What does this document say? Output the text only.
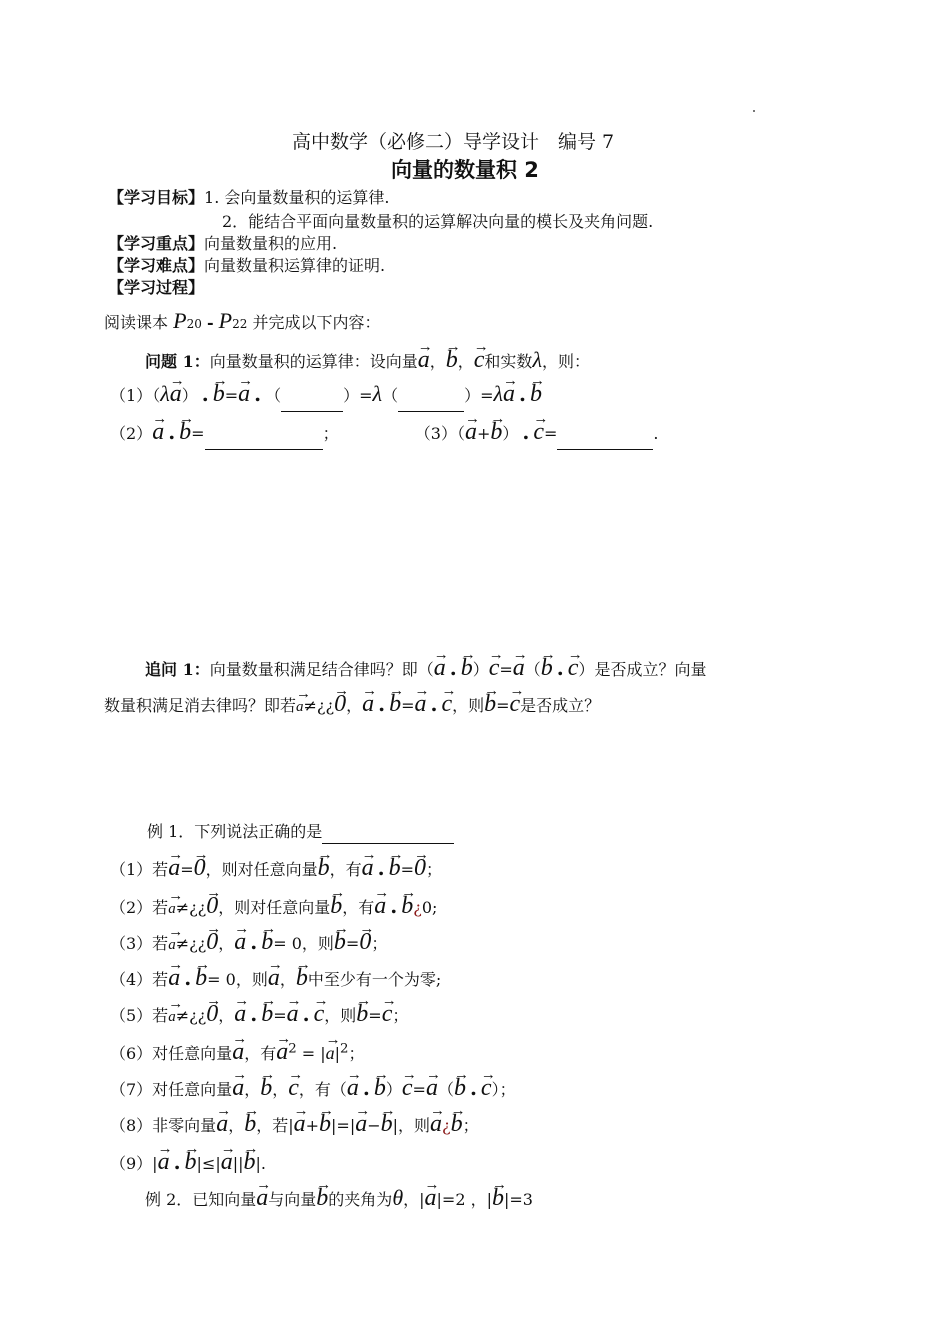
高中数学（必修二）导学设计　编号 7
向量的数量积 2
【学习目标】1. 会向量数量积的运算律.
2．能结合平面向量数量积的运算解决向量的模长及夹角问题.
【学习重点】向量数量积的应用.
【学习难点】向量数量积运算律的证明.
【学习过程】
阅读课本 P20 - P22 并完成以下内容：
问题 1：向量数量积的运算律：设向量→ a，→ b，→ c和实数λ，则：
（1）（λ→ a） . → b=→ a . （	）=λ（	）=λ→ a . → b
（2）→ a . → b=	；	（3）（→ a+→ b） . → c=	.
追问 1：向量数量积满足结合律吗？即（→ a . → b）→ c=→ a（→ b . → c）是否成立？向量
数量积满足消去律吗？即若→ a≠¿¿→ 0，→ a . → b=→ a . → c，则→ b=→ c是否成立？
例 1．下列说法正确的是
（1）若→ a=→ 0，则对任意向量→ b，有→ a . → b=→ 0；
（2）若→ a≠¿¿→ 0，则对任意向量→ b，有→ a . → b¿0;
（3）若→ a≠¿¿→ 0，→ a . → b= 0，则→ b=→ 0；
（4）若→ a . → b= 0，则→ a，→ b中至少有一个为零;
（5）若→ a≠¿¿→ 0，→ a . → b=→ a . → c，则→ b=→ c；
（6）对任意向量→ a，有→ $a^2$ = |→ $a|^2$；
（7）对任意向量→ a，→ b，→ c，有（→ a . → b）→ c=→ a（→ b . → c）；
（8）非零向量→ a，→ b，若|→ a+→ b|=|→ a−→ b|，则→ a¿→ b；
（9）|→ a . → b|≤|→ a||→ b|.
例 2．已知向量→ a与向量→ b的夹角为θ，|→ a|=2 ，|→ b|=3
